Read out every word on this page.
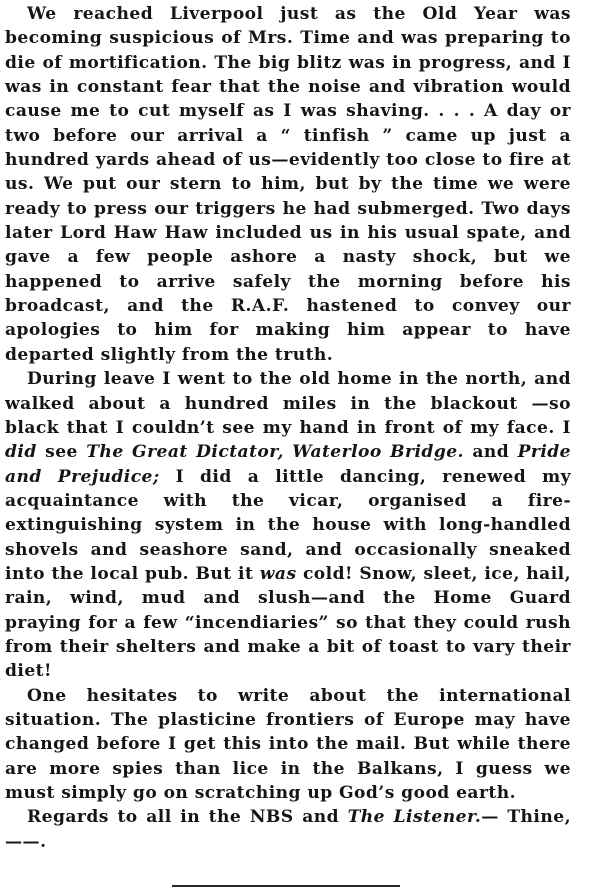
We reached Liverpool just as the Old Year was becoming suspicious of Mrs. Time and was preparing to die of mortification. The big blitz was in progress, and I was in constant fear that the noise and vibration would cause me to cut myself as I was shaving. . . . A day or two before our arrival a “ tinfish ” came up just a hundred yards ahead of us—evidently too close to fire at us. We put our stern to him, but by the time we were ready to press our triggers he had submerged. Two days later Lord Haw Haw included us in his usual spate, and gave a few people ashore a nasty shock, but we happened to arrive safely the morning before his broadcast, and the R.A.F. hastened to convey our apologies to him for making him appear to have departed slightly from the truth.

During leave I went to the old home in the north, and walked about a hundred miles in the blackout —so black that I couldn’t see my hand in front of my face. I did see The Great Dictator, Waterloo Bridge. and Pride and Prejudice; I did a little dancing, renewed my acquaintance with the vicar, organised a fire-extinguishing system in the house with long-handled shovels and seashore sand, and occasionally sneaked into the local pub. But it was cold! Snow, sleet, ice, hail, rain, wind, mud and slush—and the Home Guard praying for a few “incendiaries” so that they could rush from their shelters and make a bit of toast to vary their diet!

One hesitates to write about the international situation. The plasticine frontiers of Europe may have changed before I get this into the mail. But while there are more spies than lice in the Balkans, I guess we must simply go on scratching up God’s good earth.

Regards to all in the NBS and The Listener.— Thine, ——.
